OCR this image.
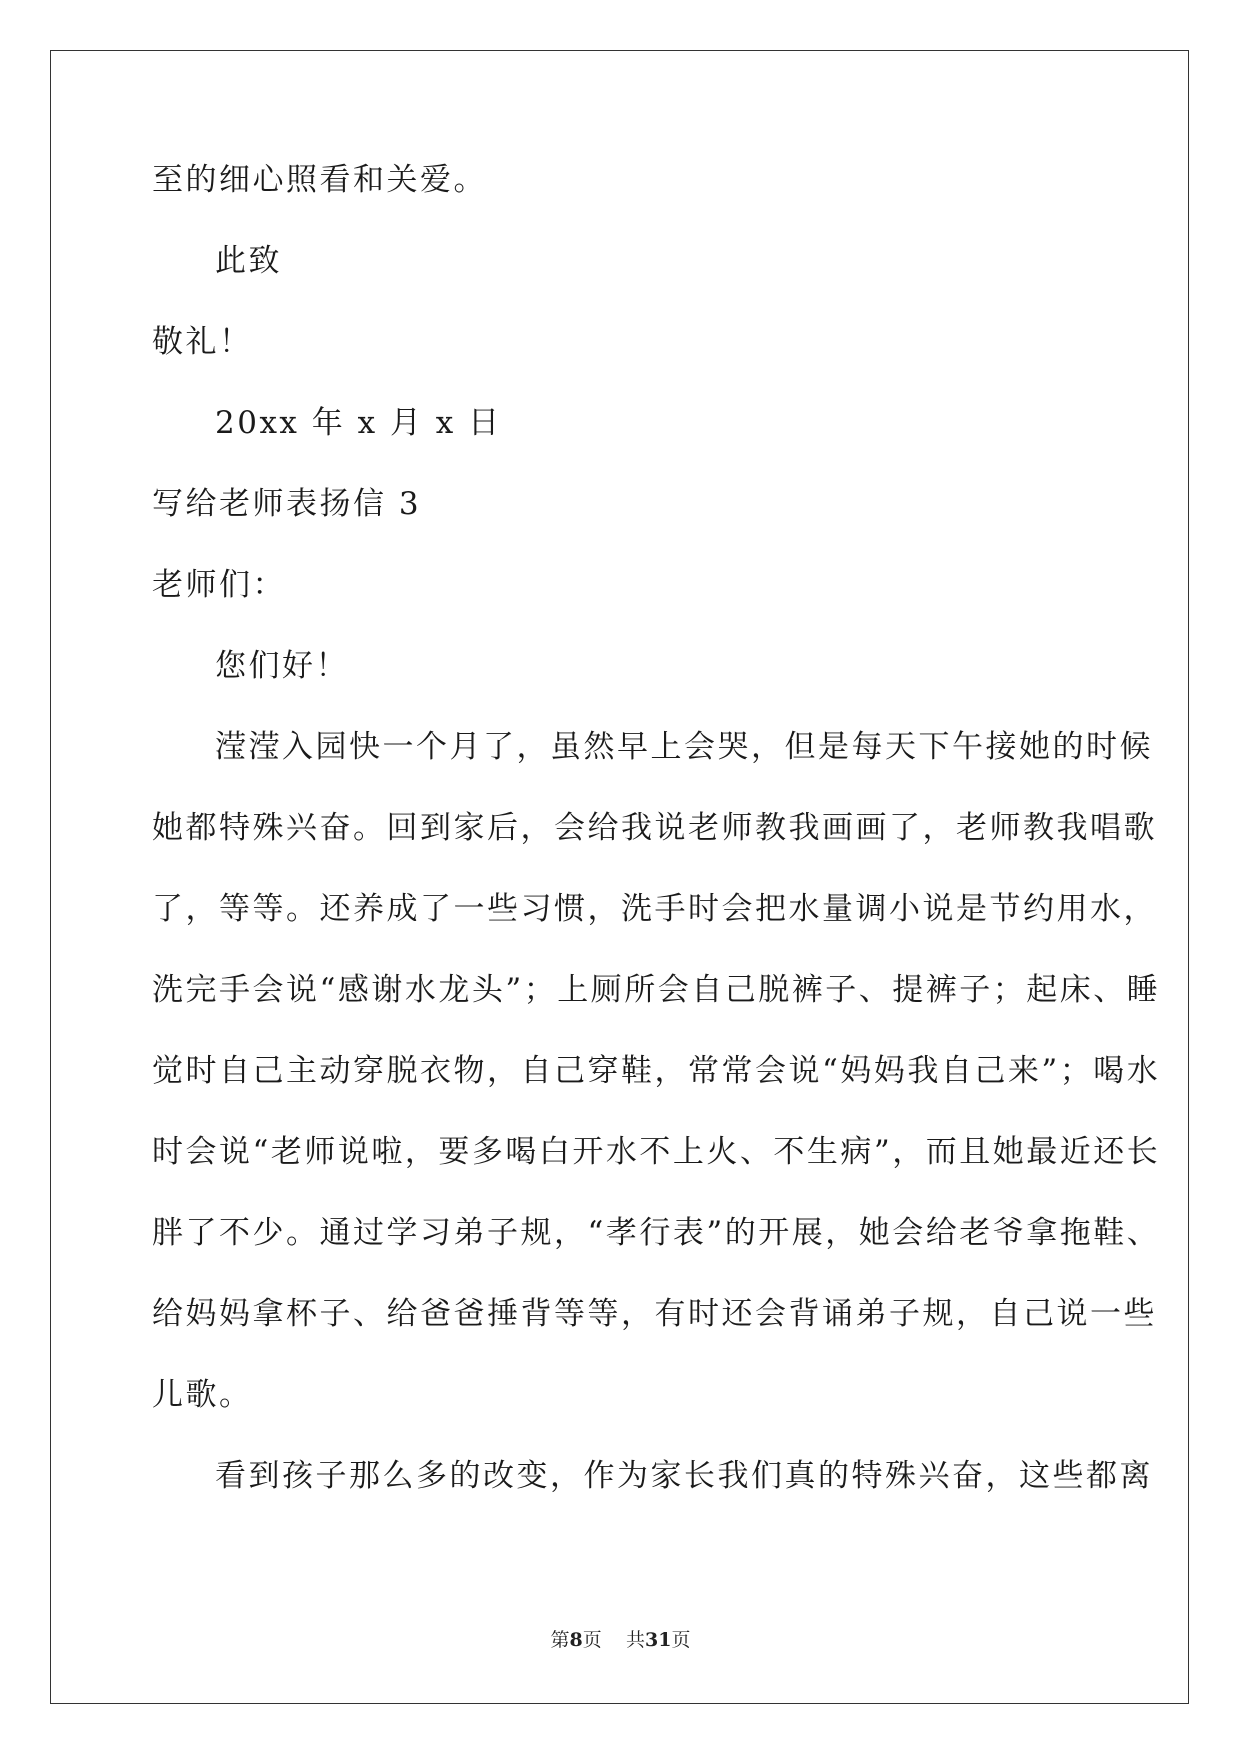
至的细心照看和关爱。
此致
敬礼！
20xx 年 x 月 x 日
写给老师表扬信 3
老师们：
您们好！
滢滢入园快一个月了，虽然早上会哭，但是每天下午接她的时候
她都特殊兴奋。回到家后，会给我说老师教我画画了，老师教我唱歌
了，等等。还养成了一些习惯，洗手时会把水量调小说是节约用水，
洗完手会说“感谢水龙头”；上厕所会自己脱裤子、提裤子；起床、睡
觉时自己主动穿脱衣物，自己穿鞋，常常会说“妈妈我自己来”；喝水
时会说“老师说啦，要多喝白开水不上火、不生病”，而且她最近还长
胖了不少。通过学习弟子规，“孝行表”的开展，她会给老爷拿拖鞋、
给妈妈拿杯子、给爸爸捶背等等，有时还会背诵弟子规，自己说一些
儿歌。
看到孩子那么多的改变，作为家长我们真的特殊兴奋，这些都离
第8页 共31页
